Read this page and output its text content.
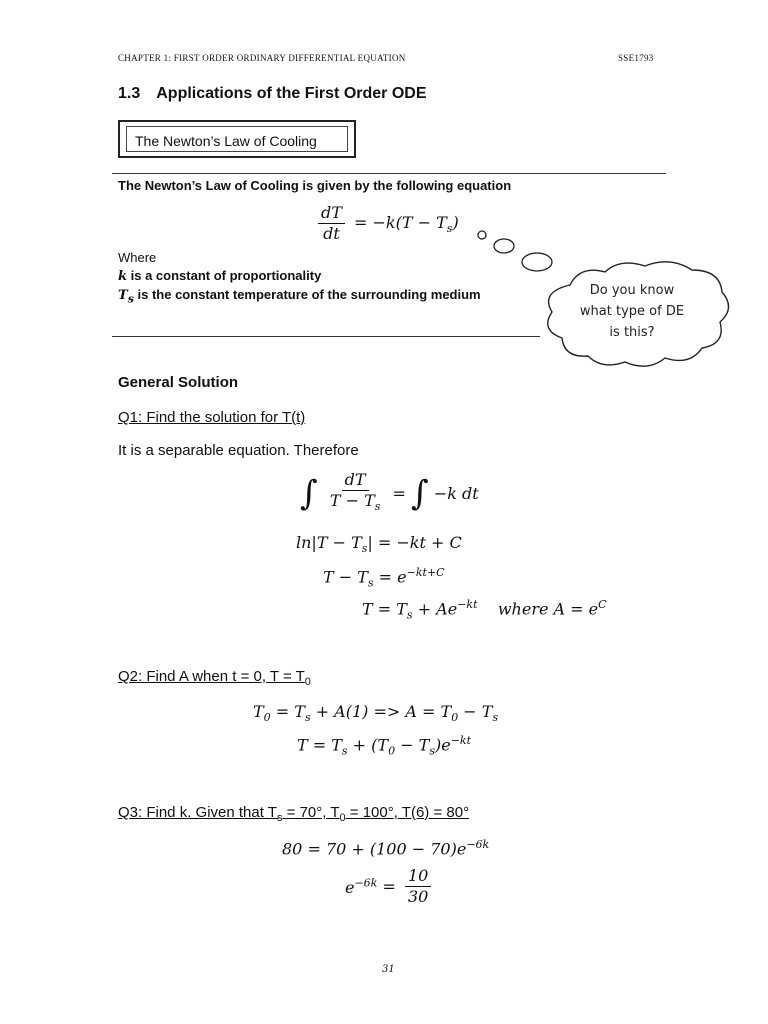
CHAPTER 1: FIRST ORDER ORDINARY DIFFERENTIAL EQUATION	SSE1793
1.3 Applications of the First Order ODE
The Newton’s Law of Cooling
The Newton’s Law of Cooling is given by the following equation
$\frac{dT}{dt} = -k(T - T_s)$
Where
k is a constant of proportionality
$T_s$ is the constant temperature of the surrounding medium	Do you know
what type of DE
is this?
General Solution
Q1: Find the solution for T(t)
It is a separable equation. Therefore
∫ $\frac{dT}{T - T_s}$ = ∫ −k dt
$\ln|T - T_s| = -kt + C$
$T - T_s = e^{-kt+C}$
$T = T_s + Ae^{-kt}$ where $A = e^C$
Q2: Find A when t = 0, $T = T_0$
$T_0 = T_s + A(1) => A = T_0 - T_s$
$T = T_s + (T_0 - T_s)e^{-kt}$
Q3: Find k. Given that $T_s = 70^\circ$, $T_0 = 100^\circ$, T(6) = 80°
$80 = 70 + (100 - 70)e^{-6k}$
$e^{-6k} = \frac{10}{30}$
31
